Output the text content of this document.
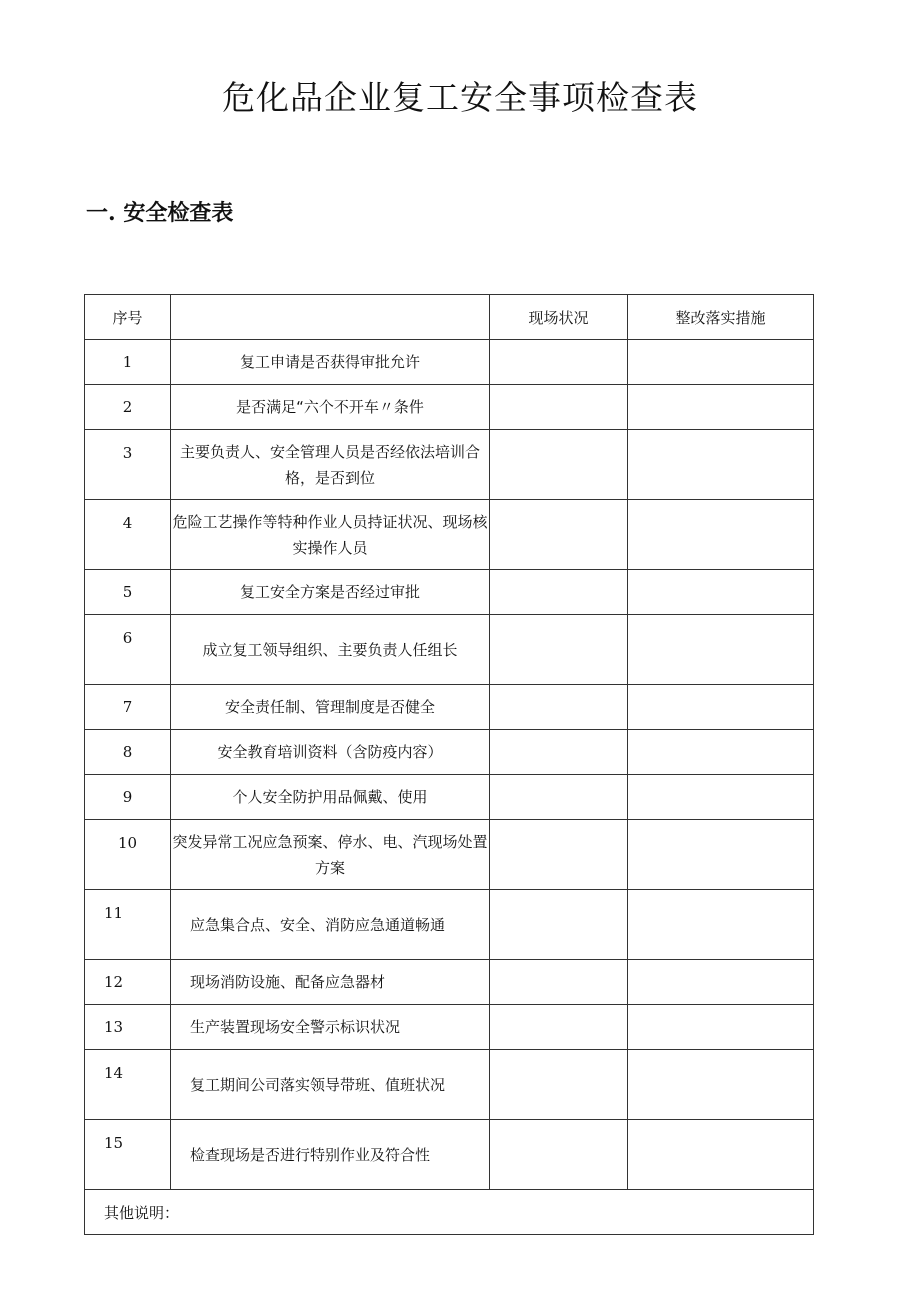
危化品企业复工安全事项检查表
一. 安全检查表
序号		现场状况	整改落实措施
1	复工申请是否获得审批允许		
2	是否满足“六个不开车〃条件		
3	主要负责人、安全管理人员是否经依法培训合格，是否到位		
4	危险工艺操作等特种作业人员持证状况、现场核实操作人员		
5	复工安全方案是否经过审批		
6	成立复工领导组织、主要负责人任组长		
7	安全责任制、管理制度是否健全		
8	安全教育培训资料（含防疫内容）		
9	个人安全防护用品佩戴、使用		
10	突发异常工况应急预案、停水、电、汽现场处置方案		
11	应急集合点、安全、消防应急通道畅通		
12	现场消防设施、配备应急器材		
13	生产装置现场安全警示标识状况		
14	复工期间公司落实领导带班、值班状况		
15	检查现场是否进行特别作业及符合性		
其他说明：			
